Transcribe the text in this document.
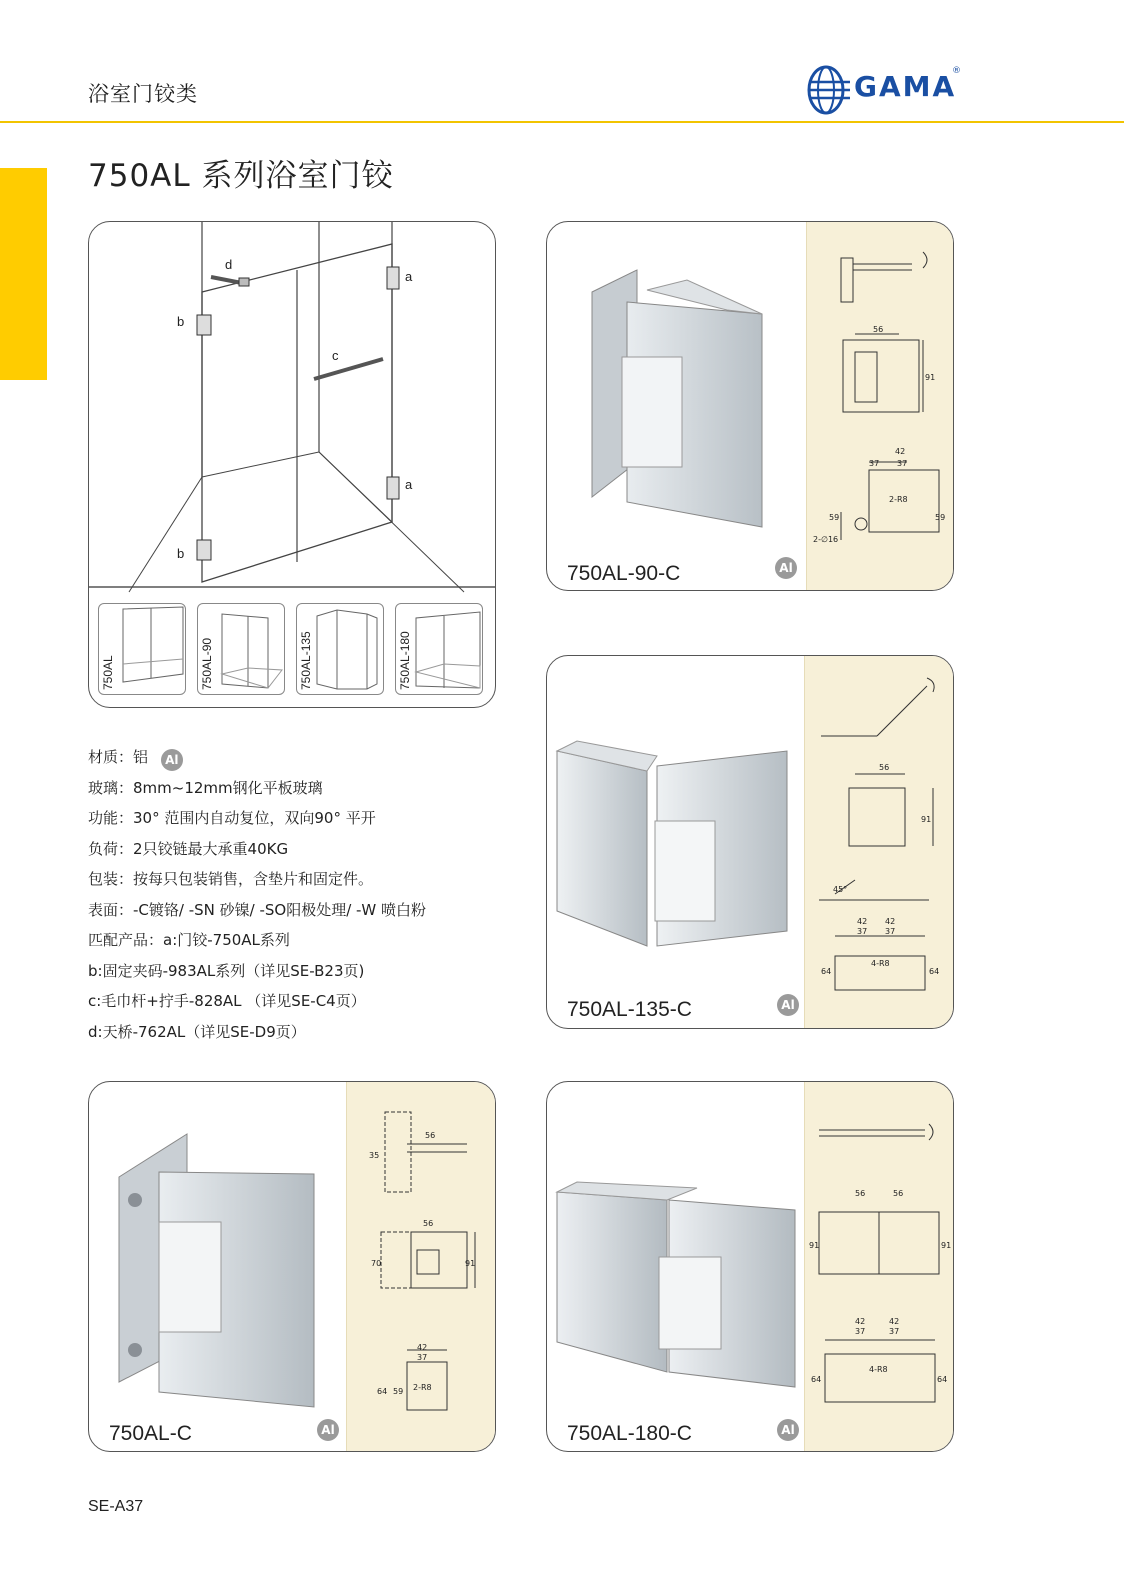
浴室门铰类	GAMA
®
750AL 系列浴室门铰
d
b
b
c
a
a
750AL	750AL-90	750AL-135	750AL-180
材质：铝 Al
玻璃：8mm~12mm钢化平板玻璃
功能：30° 范围内自动复位，双向90° 平开
负荷：2只铰链最大承重40KG
包装：按每只包装销售，含垫片和固定件。
表面：-C镀铬/ -SN 砂镍/ -SO阳极处理/ -W 喷白粉
匹配产品：a:门铰-750AL系列
b:固定夹码-983AL系列（详见SE-B23页)
c:毛巾杆+拧手-828AL （详见SE-C4页）
d:天桥-762AL（详见SE-D9页）
56
91
42
37 37
2-R8
59	59
2-∅16
750AL-90-C	Al
56
91
45°
42 42
37 37
4-R8
64	64
750AL-135-C	Al
56
35
56
70	91
42
37
2-R8
64 59
750AL-C	Al
56	56
91	91
42	42
37	37
4-R8
64	64
750AL-180-C	Al
SE-A37
